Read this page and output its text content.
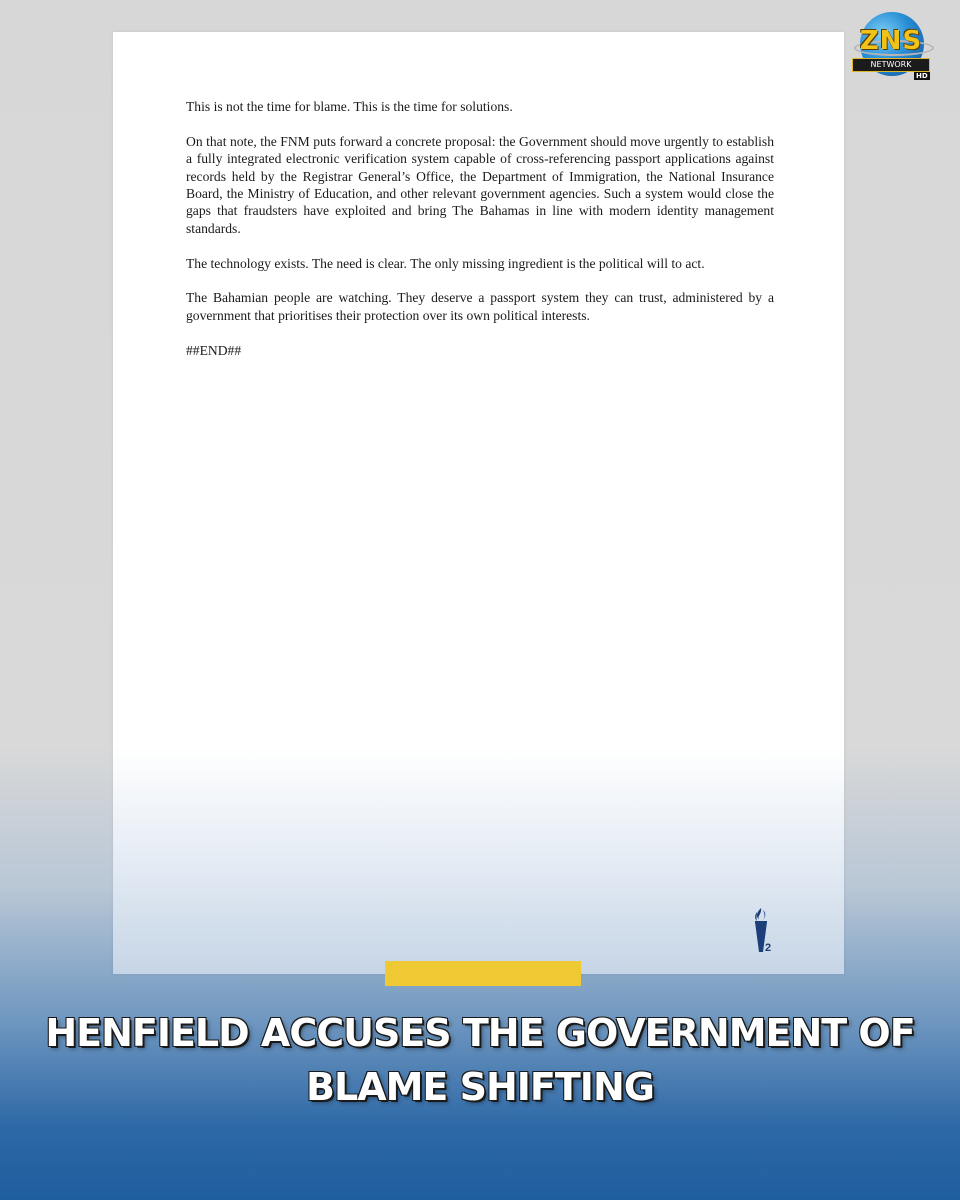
This is not the time for blame. This is the time for solutions.

On that note, the FNM puts forward a concrete proposal: the Government should move urgently to establish a fully integrated electronic verification system capable of cross-referencing passport applications against records held by the Registrar General’s Office, the Department of Immigration, the National Insurance Board, the Ministry of Education, and other relevant government agencies. Such a system would close the gaps that fraudsters have exploited and bring The Bahamas in line with modern identity management standards.

The technology exists. The need is clear. The only missing ingredient is the political will to act.

The Bahamian people are watching. They deserve a passport system they can trust, administered by a government that prioritises their protection over its own political interests.

##END##

2
HENFIELD ACCUSES THE GOVERNMENT OF BLAME SHIFTING
ZNS
NETWORK
HD
